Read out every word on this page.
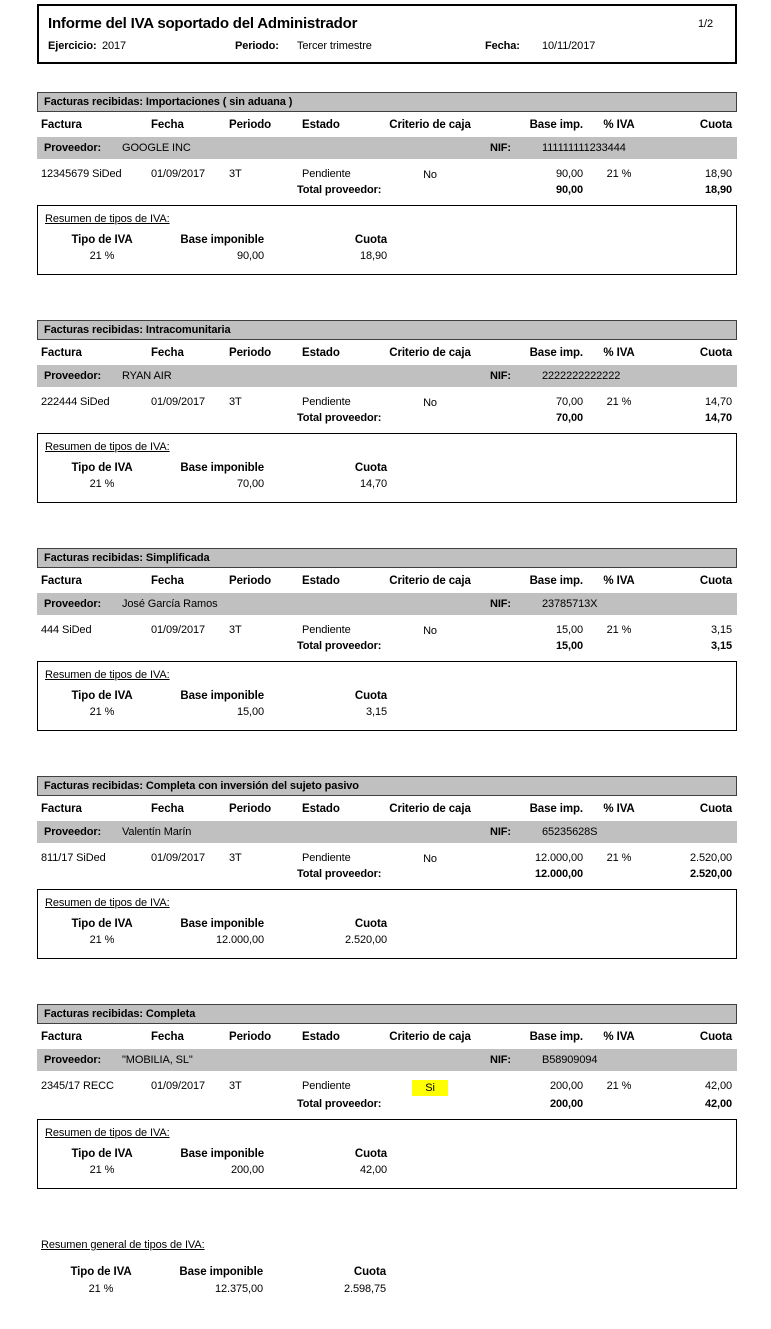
Informe del IVA soportado del Administrador	1/2
Ejercicio: 2017	Periodo: Tercer trimestre	Fecha: 10/11/2017
Facturas recibidas: Importaciones ( sin aduana )
Factura	Fecha	Periodo	Estado	Criterio de caja	Base imp.	% IVA	Cuota
Proveedor:	GOOGLE INC	NIF:	111111111233444
12345679 SiDed	01/09/2017	3T	Pendiente	No	90,00	21 %	18,90
Total proveedor:	90,00	18,90
Resumen de tipos de IVA:
Tipo de IVA	Base imponible	Cuota
21 %	90,00	18,90
Facturas recibidas: Intracomunitaria
Factura	Fecha	Periodo	Estado	Criterio de caja	Base imp.	% IVA	Cuota
Proveedor:	RYAN AIR	NIF:	2222222222222
222444 SiDed	01/09/2017	3T	Pendiente	No	70,00	21 %	14,70
Total proveedor:	70,00	14,70
Resumen de tipos de IVA:
Tipo de IVA	Base imponible	Cuota
21 %	70,00	14,70
Facturas recibidas: Simplificada
Factura	Fecha	Periodo	Estado	Criterio de caja	Base imp.	% IVA	Cuota
Proveedor:	José García Ramos	NIF:	23785713X
444 SiDed	01/09/2017	3T	Pendiente	No	15,00	21 %	3,15
Total proveedor:	15,00	3,15
Resumen de tipos de IVA:
Tipo de IVA	Base imponible	Cuota
21 %	15,00	3,15
Facturas recibidas: Completa con inversión del sujeto pasivo
Factura	Fecha	Periodo	Estado	Criterio de caja	Base imp.	% IVA	Cuota
Proveedor:	Valentín Marín	NIF:	65235628S
811/17 SiDed	01/09/2017	3T	Pendiente	No	12.000,00	21 %	2.520,00
Total proveedor:	12.000,00	2.520,00
Resumen de tipos de IVA:
Tipo de IVA	Base imponible	Cuota
21 %	12.000,00	2.520,00
Facturas recibidas: Completa
Factura	Fecha	Periodo	Estado	Criterio de caja	Base imp.	% IVA	Cuota
Proveedor:	"MOBILIA, SL"	NIF:	B58909094
2345/17 RECC	01/09/2017	3T	Pendiente	Si	200,00	21 %	42,00
Total proveedor:	200,00	42,00
Resumen de tipos de IVA:
Tipo de IVA	Base imponible	Cuota
21 %	200,00	42,00
Resumen general de tipos de IVA:
Tipo de IVA	Base imponible	Cuota
21 %	12.375,00	2.598,75
